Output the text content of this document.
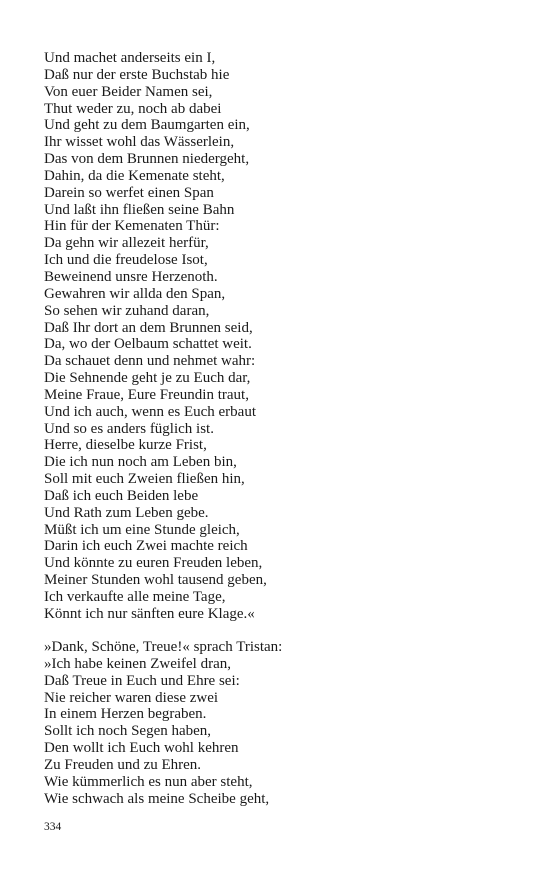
Und machet anderseits ein I,
Daß nur der erste Buchstab hie
Von euer Beider Namen sei,
Thut weder zu, noch ab dabei
Und geht zu dem Baumgarten ein,
Ihr wisset wohl das Wässerlein,
Das von dem Brunnen niedergeht,
Dahin, da die Kemenate steht,
Darein so werfet einen Span
Und laßt ihn fließen seine Bahn
Hin für der Kemenaten Thür:
Da gehn wir allezeit herfür,
Ich und die freudelose Isot,
Beweinend unsre Herzenoth.
Gewahren wir allda den Span,
So sehen wir zuhand daran,
Daß Ihr dort an dem Brunnen seid,
Da, wo der Oelbaum schattet weit.
Da schauet denn und nehmet wahr:
Die Sehnende geht je zu Euch dar,
Meine Fraue, Eure Freundin traut,
Und ich auch, wenn es Euch erbaut
Und so es anders füglich ist.
Herre, dieselbe kurze Frist,
Die ich nun noch am Leben bin,
Soll mit euch Zweien fließen hin,
Daß ich euch Beiden lebe
Und Rath zum Leben gebe.
Müßt ich um eine Stunde gleich,
Darin ich euch Zwei machte reich
Und könnte zu euren Freuden leben,
Meiner Stunden wohl tausend geben,
Ich verkaufte alle meine Tage,
Könnt ich nur sänften eure Klage.«
»Dank, Schöne, Treue!« sprach Tristan:
»Ich habe keinen Zweifel dran,
Daß Treue in Euch und Ehre sei:
Nie reicher waren diese zwei
In einem Herzen begraben.
Sollt ich noch Segen haben,
Den wollt ich Euch wohl kehren
Zu Freuden und zu Ehren.
Wie kümmerlich es nun aber steht,
Wie schwach als meine Scheibe geht,
334
